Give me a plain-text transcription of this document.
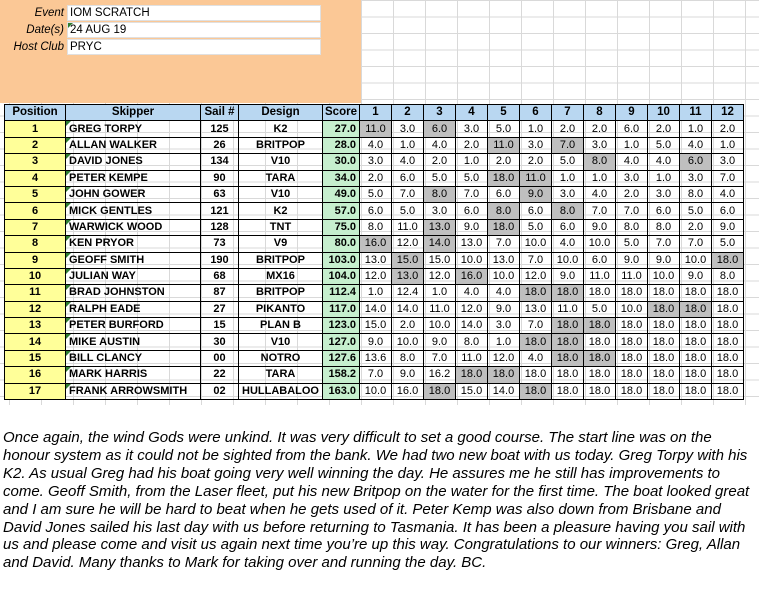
Event IOM SCRATCH
Date(s) 24 AUG 19
Host Club PRYC
Position	Skipper	Sail #	Design	Score	1	2	3	4	5	6	7	8	9	10	11	12
1	GREG TORPY	125	K2	27.0	11.0	3.0	6.0	3.0	5.0	1.0	2.0	2.0	6.0	2.0	1.0	2.0
2	ALLAN WALKER	26	BRITPOP	28.0	4.0	1.0	4.0	2.0	11.0	3.0	7.0	3.0	1.0	5.0	4.0	1.0
3	DAVID JONES	134	V10	30.0	3.0	4.0	2.0	1.0	2.0	2.0	5.0	8.0	4.0	4.0	6.0	3.0
4	PETER KEMPE	90	TARA	34.0	2.0	6.0	5.0	5.0	18.0	11.0	1.0	1.0	3.0	1.0	3.0	7.0
5	JOHN GOWER	63	V10	49.0	5.0	7.0	8.0	7.0	6.0	9.0	3.0	4.0	2.0	3.0	8.0	4.0
6	MICK GENTLES	121	K2	57.0	6.0	5.0	3.0	6.0	8.0	6.0	8.0	7.0	7.0	6.0	5.0	6.0
7	WARWICK WOOD	128	TNT	75.0	8.0	11.0	13.0	9.0	18.0	5.0	6.0	9.0	8.0	8.0	2.0	9.0
8	KEN PRYOR	73	V9	80.0	16.0	12.0	14.0	13.0	7.0	10.0	4.0	10.0	5.0	7.0	7.0	5.0
9	GEOFF SMITH	190	BRITPOP	103.0	13.0	15.0	15.0	10.0	13.0	7.0	10.0	6.0	9.0	9.0	10.0	18.0
10	JULIAN WAY	68	MX16	104.0	12.0	13.0	12.0	16.0	10.0	12.0	9.0	11.0	11.0	10.0	9.0	8.0
11	BRAD JOHNSTON	87	BRITPOP	112.4	1.0	12.4	1.0	4.0	4.0	18.0	18.0	18.0	18.0	18.0	18.0	18.0
12	RALPH EADE	27	PIKANTO	117.0	14.0	14.0	11.0	12.0	9.0	13.0	11.0	5.0	10.0	18.0	18.0	18.0
13	PETER BURFORD	15	PLAN B	123.0	15.0	2.0	10.0	14.0	3.0	7.0	18.0	18.0	18.0	18.0	18.0	18.0
14	MIKE AUSTIN	30	V10	127.0	9.0	10.0	9.0	8.0	1.0	18.0	18.0	18.0	18.0	18.0	18.0	18.0
15	BILL CLANCY	00	NOTRO	127.6	13.6	8.0	7.0	11.0	12.0	4.0	18.0	18.0	18.0	18.0	18.0	18.0
16	MARK HARRIS	22	TARA	158.2	7.0	9.0	16.2	18.0	18.0	18.0	18.0	18.0	18.0	18.0	18.0	18.0
17	FRANK ARROWSMITH	02	HULLABALOO	163.0	10.0	16.0	18.0	15.0	14.0	18.0	18.0	18.0	18.0	18.0	18.0	18.0

Once again, the wind Gods were unkind. It was very difficult to set a good course. The start line was on the honour system as it could not be sighted from the bank. We had two new boat with us today. Greg Torpy with his K2. As usual Greg had his boat going very well winning the day. He assures me he still has improvements to come. Geoff Smith, from the Laser fleet, put his new Britpop on the water for the first time. The boat looked great and I am sure he will be hard to beat when he gets used of it. Peter Kemp was also down from Brisbane and David Jones sailed his last day with us before returning to Tasmania. It has been a pleasure having you sail with us and please come and visit us again next time you’re up this way. Congratulations to our winners: Greg, Allan and David. Many thanks to Mark for taking over and running the day. BC.
